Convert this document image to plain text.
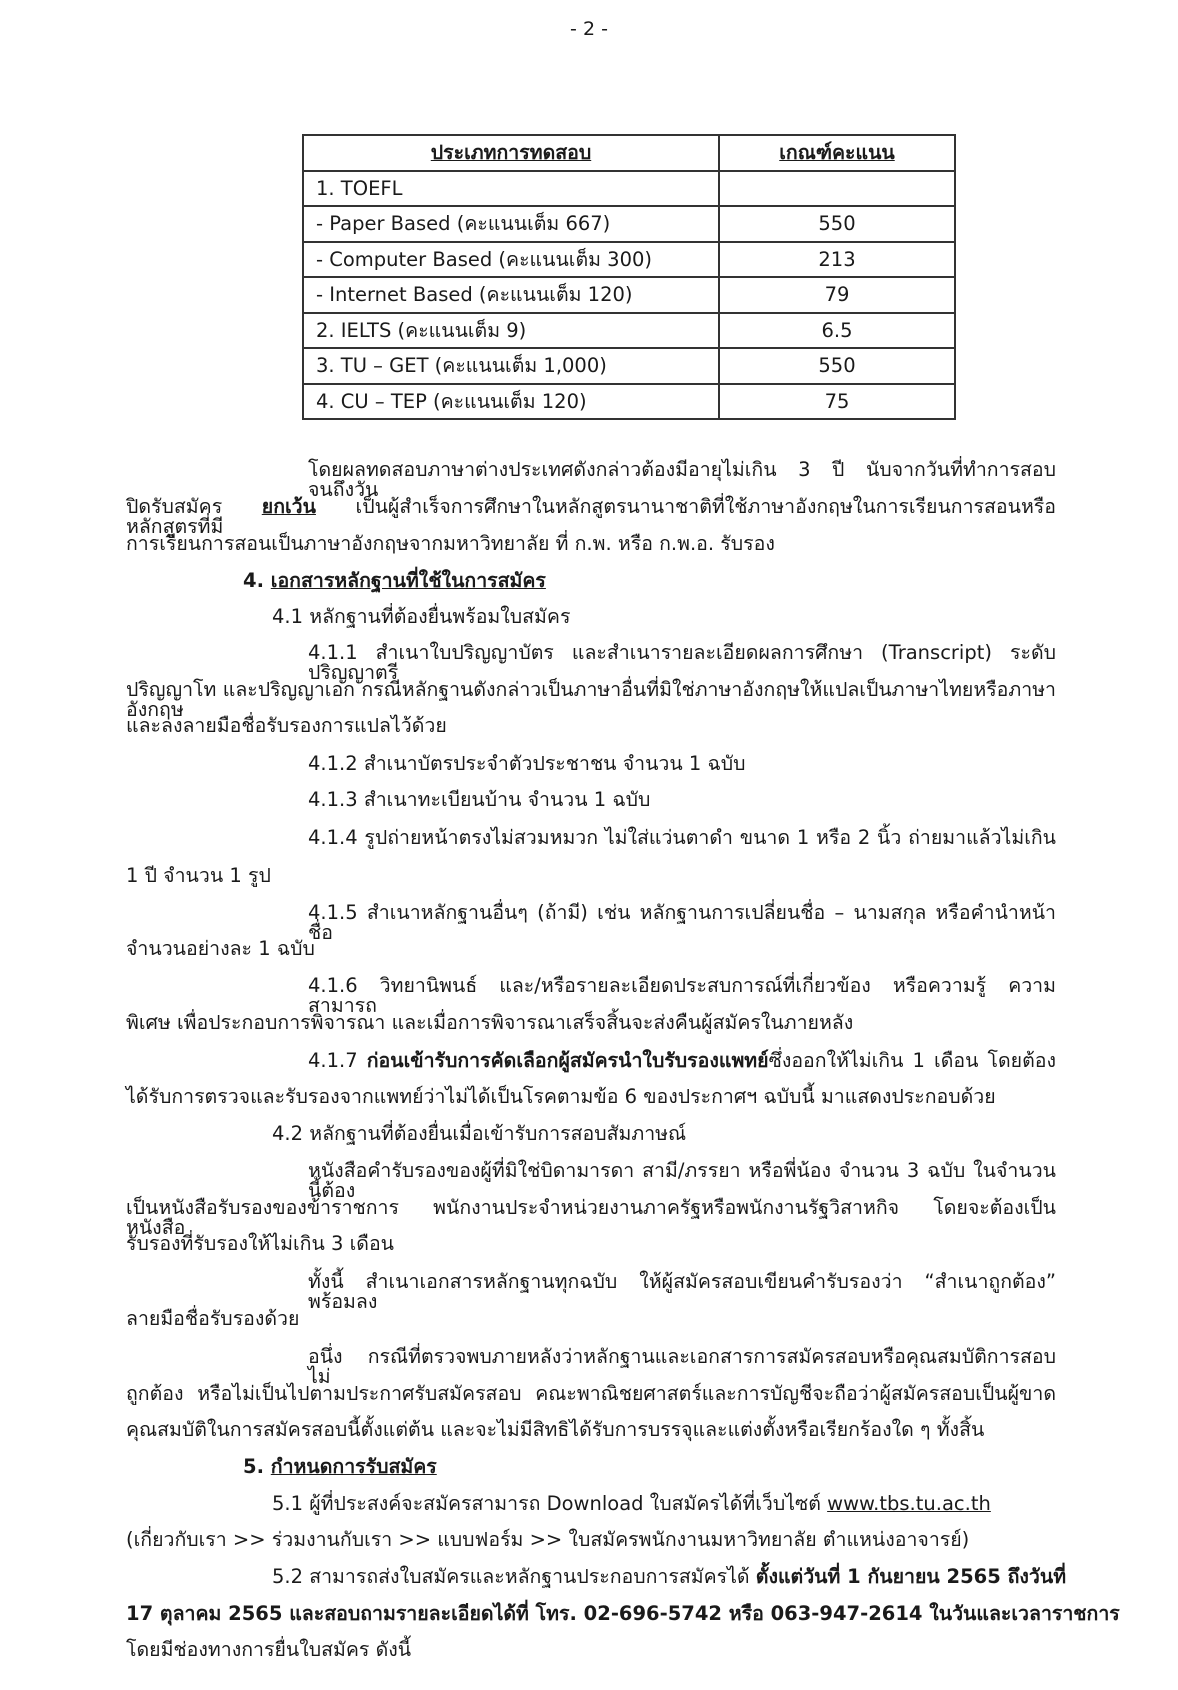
- 2 -
ประเภทการทดสอบ	เกณฑ์คะแนน
1. TOEFL	
- Paper Based (คะแนนเต็ม 667)	550
- Computer Based (คะแนนเต็ม 300)	213
- Internet Based (คะแนนเต็ม 120)	79
2. IELTS (คะแนนเต็ม 9)	6.5
3. TU – GET (คะแนนเต็ม 1,000)	550
4. CU – TEP (คะแนนเต็ม 120)	75
โดยผลทดสอบภาษาต่างประเทศดังกล่าวต้องมีอายุไม่เกิน 3 ปี นับจากวันที่ทำการสอบจนถึงวัน
ปิดรับสมัคร ยกเว้น เป็นผู้สำเร็จการศึกษาในหลักสูตรนานาชาติที่ใช้ภาษาอังกฤษในการเรียนการสอนหรือหลักสูตรที่มี
การเรียนการสอนเป็นภาษาอังกฤษจากมหาวิทยาลัย ที่ ก.พ. หรือ ก.พ.อ. รับรอง
4. เอกสารหลักฐานที่ใช้ในการสมัคร
4.1 หลักฐานที่ต้องยื่นพร้อมใบสมัคร
4.1.1 สำเนาใบปริญญาบัตร และสำเนารายละเอียดผลการศึกษา (Transcript) ระดับปริญญาตรี
ปริญญาโท และปริญญาเอก กรณีหลักฐานดังกล่าวเป็นภาษาอื่นที่มิใช่ภาษาอังกฤษให้แปลเป็นภาษาไทยหรือภาษาอังกฤษ
และลงลายมือชื่อรับรองการแปลไว้ด้วย
4.1.2 สำเนาบัตรประจำตัวประชาชน จำนวน 1 ฉบับ
4.1.3 สำเนาทะเบียนบ้าน จำนวน 1 ฉบับ
4.1.4 รูปถ่ายหน้าตรงไม่สวมหมวก ไม่ใส่แว่นตาดำ ขนาด 1 หรือ 2 นิ้ว ถ่ายมาแล้วไม่เกิน
1 ปี จำนวน 1 รูป
4.1.5 สำเนาหลักฐานอื่นๆ (ถ้ามี) เช่น หลักฐานการเปลี่ยนชื่อ – นามสกุล หรือคำนำหน้าชื่อ
จำนวนอย่างละ 1 ฉบับ
4.1.6 วิทยานิพนธ์ และ/หรือรายละเอียดประสบการณ์ที่เกี่ยวข้อง หรือความรู้ ความสามารถ
พิเศษ เพื่อประกอบการพิจารณา และเมื่อการพิจารณาเสร็จสิ้นจะส่งคืนผู้สมัครในภายหลัง
4.1.7 ก่อนเข้ารับการคัดเลือกผู้สมัครนำใบรับรองแพทย์ซึ่งออกให้ไม่เกิน 1 เดือน โดยต้อง
ได้รับการตรวจและรับรองจากแพทย์ว่าไม่ได้เป็นโรคตามข้อ 6 ของประกาศฯ ฉบับนี้ มาแสดงประกอบด้วย
4.2 หลักฐานที่ต้องยื่นเมื่อเข้ารับการสอบสัมภาษณ์
หนังสือคำรับรองของผู้ที่มิใช่บิดามารดา สามี/ภรรยา หรือพี่น้อง จำนวน 3 ฉบับ ในจำนวนนี้ต้อง
เป็นหนังสือรับรองของข้าราชการ พนักงานประจำหน่วยงานภาครัฐหรือพนักงานรัฐวิสาหกิจ โดยจะต้องเป็นหนังสือ
รับรองที่รับรองให้ไม่เกิน 3 เดือน
ทั้งนี้ สำเนาเอกสารหลักฐานทุกฉบับ ให้ผู้สมัครสอบเขียนคำรับรองว่า “สำเนาถูกต้อง” พร้อมลง
ลายมือชื่อรับรองด้วย
อนึ่ง กรณีที่ตรวจพบภายหลังว่าหลักฐานและเอกสารการสมัครสอบหรือคุณสมบัติการสอบไม่
ถูกต้อง หรือไม่เป็นไปตามประกาศรับสมัครสอบ คณะพาณิชยศาสตร์และการบัญชีจะถือว่าผู้สมัครสอบเป็นผู้ขาด
คุณสมบัติในการสมัครสอบนี้ตั้งแต่ต้น และจะไม่มีสิทธิได้รับการบรรจุและแต่งตั้งหรือเรียกร้องใด ๆ ทั้งสิ้น
5. กำหนดการรับสมัคร
5.1 ผู้ที่ประสงค์จะสมัครสามารถ Download ใบสมัครได้ที่เว็บไซต์ www.tbs.tu.ac.th
(เกี่ยวกับเรา >> ร่วมงานกับเรา >> แบบฟอร์ม >> ใบสมัครพนักงานมหาวิทยาลัย ตำแหน่งอาจารย์)
5.2 สามารถส่งใบสมัครและหลักฐานประกอบการสมัครได้ ตั้งแต่วันที่ 1 กันยายน 2565 ถึงวันที่
17 ตุลาคม 2565 และสอบถามรายละเอียดได้ที่ โทร. 02-696-5742 หรือ 063-947-2614 ในวันและเวลาราชการ
โดยมีช่องทางการยื่นใบสมัคร ดังนี้
